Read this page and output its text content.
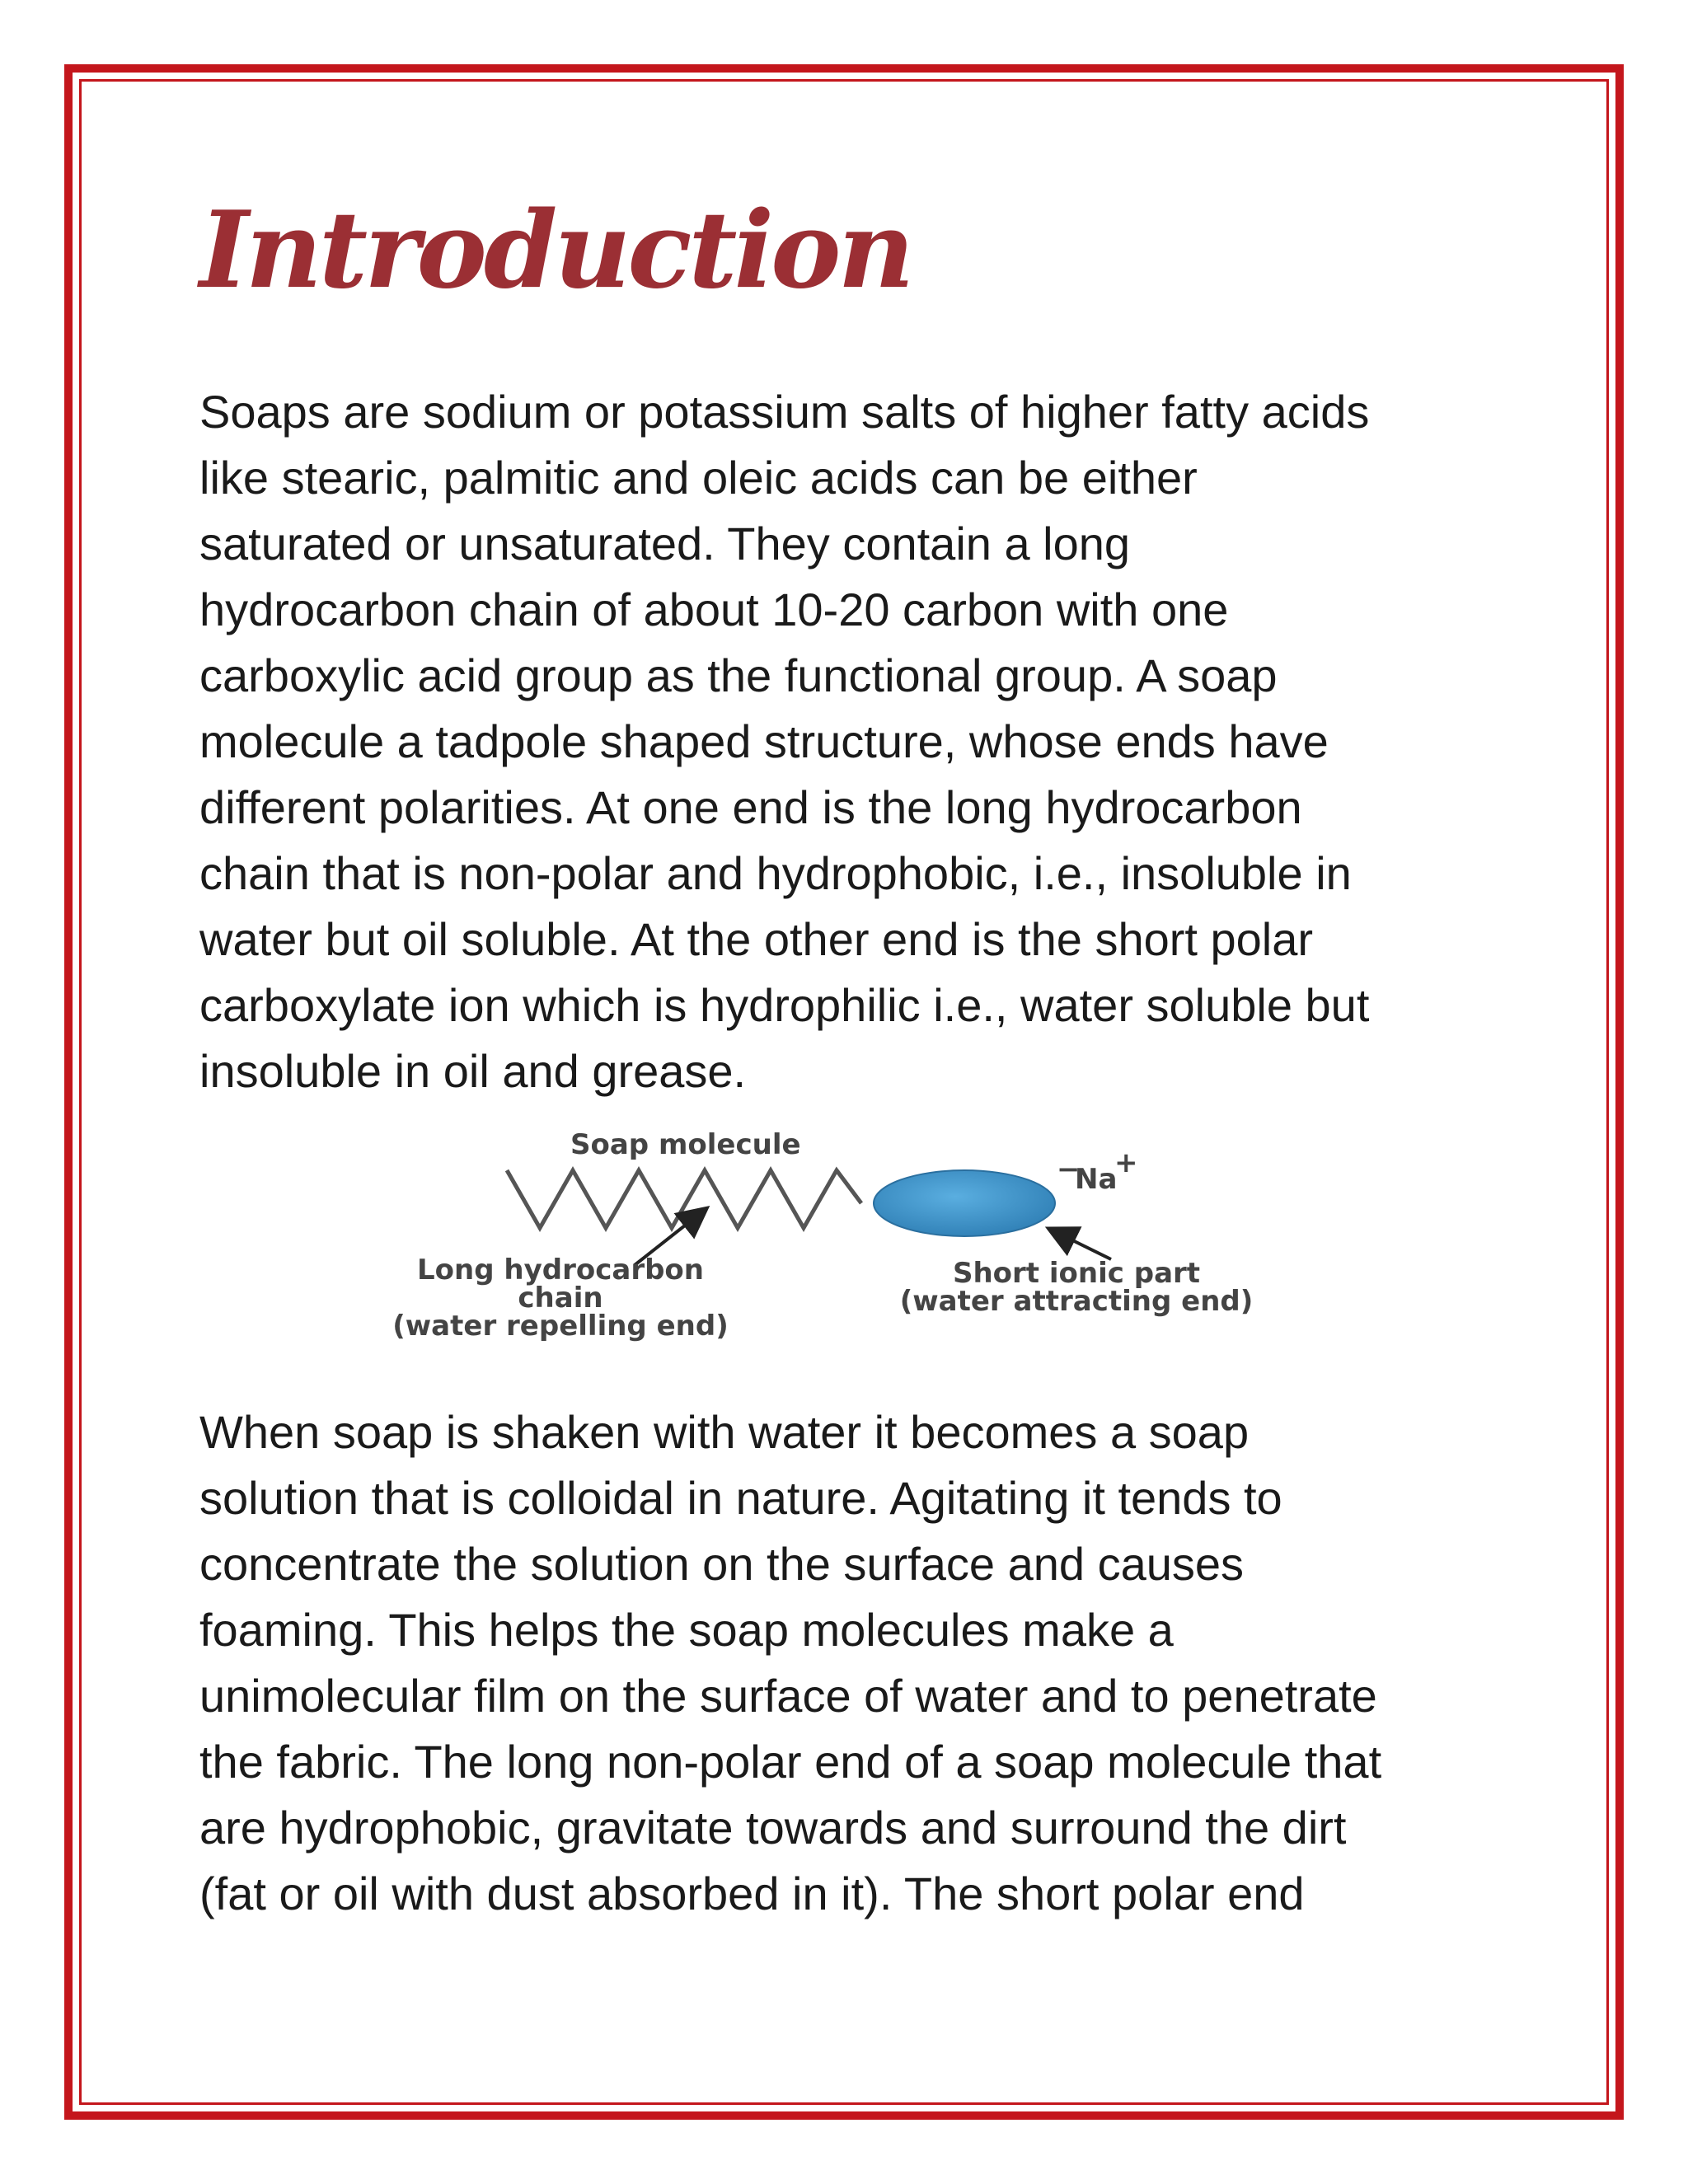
Introduction
Soaps are sodium or potassium salts of higher fatty acids
like stearic, palmitic and oleic acids can be either
saturated or unsaturated. They contain a long
hydrocarbon chain of about 10-20 carbon with one
carboxylic acid group as the functional group. A soap
molecule a tadpole shaped structure, whose ends have
different polarities. At one end is the long hydrocarbon
chain that is non-polar and hydrophobic, i.e., insoluble in
water but oil soluble. At the other end is the short polar
carboxylate ion which is hydrophilic i.e., water soluble but
insoluble in oil and grease.
Soap molecule
−
Na
+
Long hydrocarbon
chain
(water repelling end)
Short ionic part
(water attracting end)
When soap is shaken with water it becomes a soap
solution that is colloidal in nature. Agitating it tends to
concentrate the solution on the surface and causes
foaming. This helps the soap molecules make a
unimolecular film on the surface of water and to penetrate
the fabric. The long non-polar end of a soap molecule that
are hydrophobic, gravitate towards and surround the dirt
(fat or oil with dust absorbed in it). The short polar end
